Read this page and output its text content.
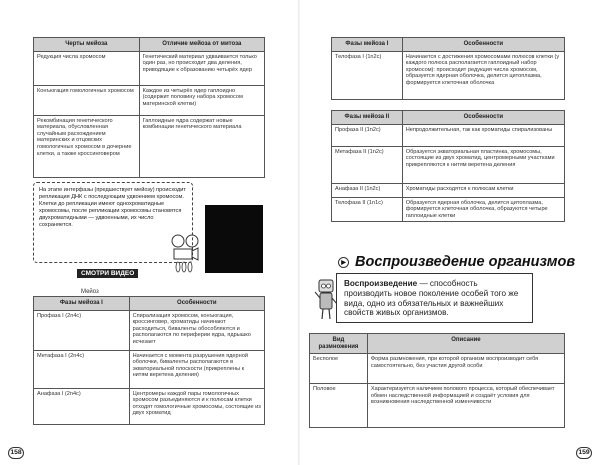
Черты мейоза	Отличие мейоза от митоза
Редукция числа хромосом	Генетический материал удваивается только один раз, но происходит два деления, приводящие к образованию четырёх ядер
Конъюгация гомологичных хромосом	Каждое из четырёх ядер гаплоидно (содержит половину набора хромосом материнской клетки)
Рекомбинация генетического материала, обусловленная случайным расхождением материнских и отцовских гомологичных хромосом в дочерние клетки, а также кроссинговером	Гаплоидные ядра содержат новые комбинации генетического материала
На этапе интерфазы (предшествует мейозу) происходит репликация ДНК с последующим удвоением хромосом. Клетки до репликации имеют однохроматидные хромосомы, после репликации хромосомы становятся двухроматидными — удвоенными, их число сохраняется.
СМОТРИ ВИДЕО
Мейоз
Фазы мейоза I	Особенности
Профаза I (2n4c)	Спирализация хромосом, конъюгация, кроссинговер, хроматиды начинают расходиться, биваленты обособляются и располагаются по периферии ядра, ядрышко исчезает
Метафаза I (2n4c)	Начинается с момента разрушения ядерной оболочки, биваленты располагаются в экваториальной плоскости (прикреплены к нитям веретена деления)
Анафаза I (2n4c)	Центромеры каждой пары гомологичных хромосом разъединяются и к полюсам клетки отходят гомологичные хромосомы, состоящие из двух хроматид
158
Фазы мейоза I	Особенности
Телофаза I (1n2c)	Начинается с достижения хромосомами полюсов клетки (у каждого полюса располагается гаплоидный набор хромосом): происходит редукция числа хромосом, образуется ядерная оболочка, делится цитоплазма, формируется клеточная оболочка
Фазы мейоза II	Особенности
Профаза II (1n2c)	Непродолжительная, так как хроматиды спирализованы
Метафаза II (1n2c)	Образуется экваториальная пластинка, хромосомы, состоящие из двух хроматид, центромерными участками прикрепляются к нитям веретена деления
Анафаза II (1n2c)	Хроматиды расходятся к полюсам клетки
Телофаза II (1n1c)	Образуется ядерная оболочка, делится цитоплазма, формируется клеточная оболочка, образуются четыре гаплоидные клетки
▶ Воспроизведение организмов
Воспроизведение — способность производить новое поколение особей того же вида, одно из обязательных и важнейших свойств живых организмов.
Вид размножения	Описание
Бесполое	Форма размножения, при которой организм воспроизводит себя самостоятельно, без участия другой особи
Половое	Характеризуется наличием полового процесса, который обеспечивает обмен наследственной информацией и создаёт условия для возникновения наследственной изменчивости
159
